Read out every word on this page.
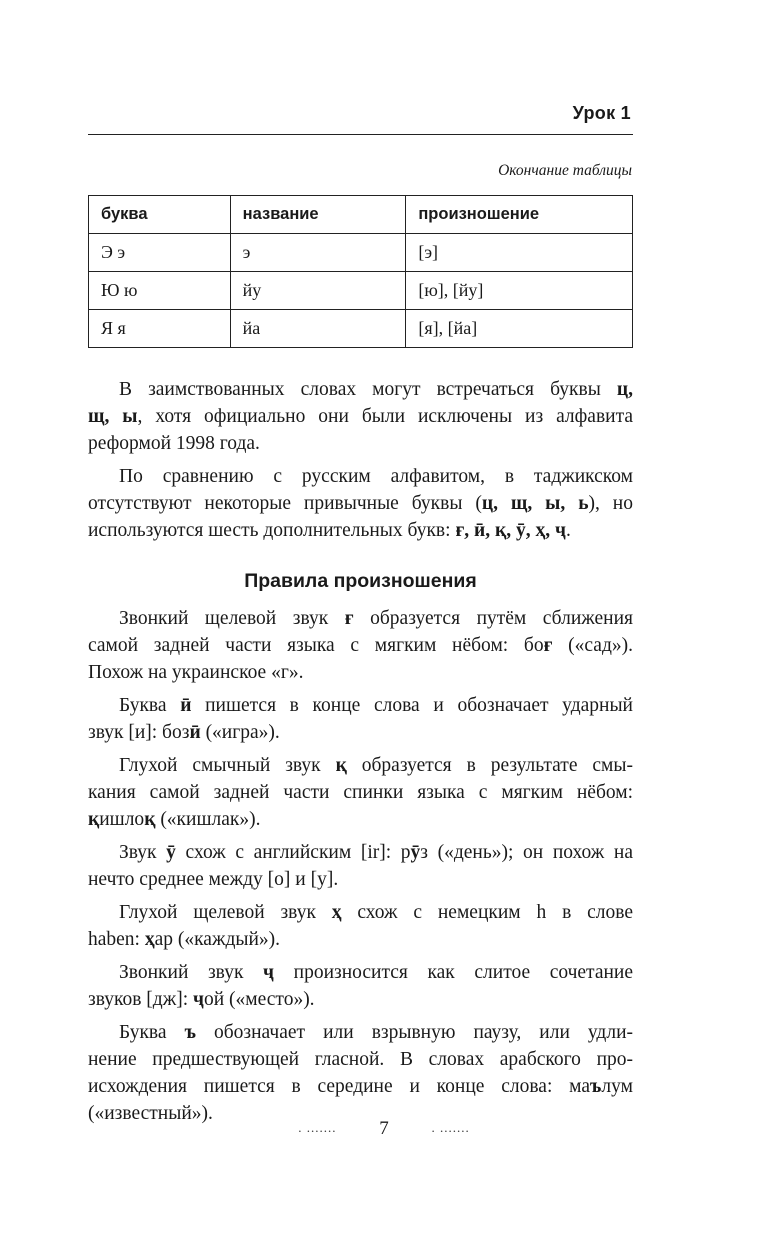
Урок 1
Окончание таблицы
буква	название	произношение
Э э	э	[э]
Ю ю	йу	[ю], [йу]
Я я	йа	[я], [йа]

В заимствованных словах могут встречаться буквы ц,
щ, ы, хотя официально они были исключены из алфавита
реформой 1998 года.

По сравнению с русским алфавитом, в таджикском
отсутствуют некоторые привычные буквы (ц, щ, ы, ь), но
используются шесть дополнительных букв: ғ, ӣ, қ, ӯ, ҳ, ҷ.

Правила произношения

Звонкий щелевой звук ғ образуется путём сближения
самой задней части языка с мягким нёбом: боғ («сад»).
Похож на украинское «г».

Буква ӣ пишется в конце слова и обозначает ударный
звук [и]: бозӣ («игра»).

Глухой смычный звук қ образуется в результате смы-
кания самой задней части спинки языка с мягким нёбом:
қишлоқ («кишлак»).

Звук ӯ схож с английским [ir]: рӯз («день»); он похож на
нечто среднее между [о] и [у].

Глухой щелевой звук ҳ схож с немецким h в слове
haben: ҳар («каждый»).

Звонкий звук ҷ произносится как слитое сочетание
звуков [дж]: ҷой («место»).

Буква ъ обозначает или взрывную паузу, или удли-
нение предшествующей гласной. В словах арабского про-
исхождения пишется в середине и конце слова: маълум
(«известный»).

. ....... 7	. .......
